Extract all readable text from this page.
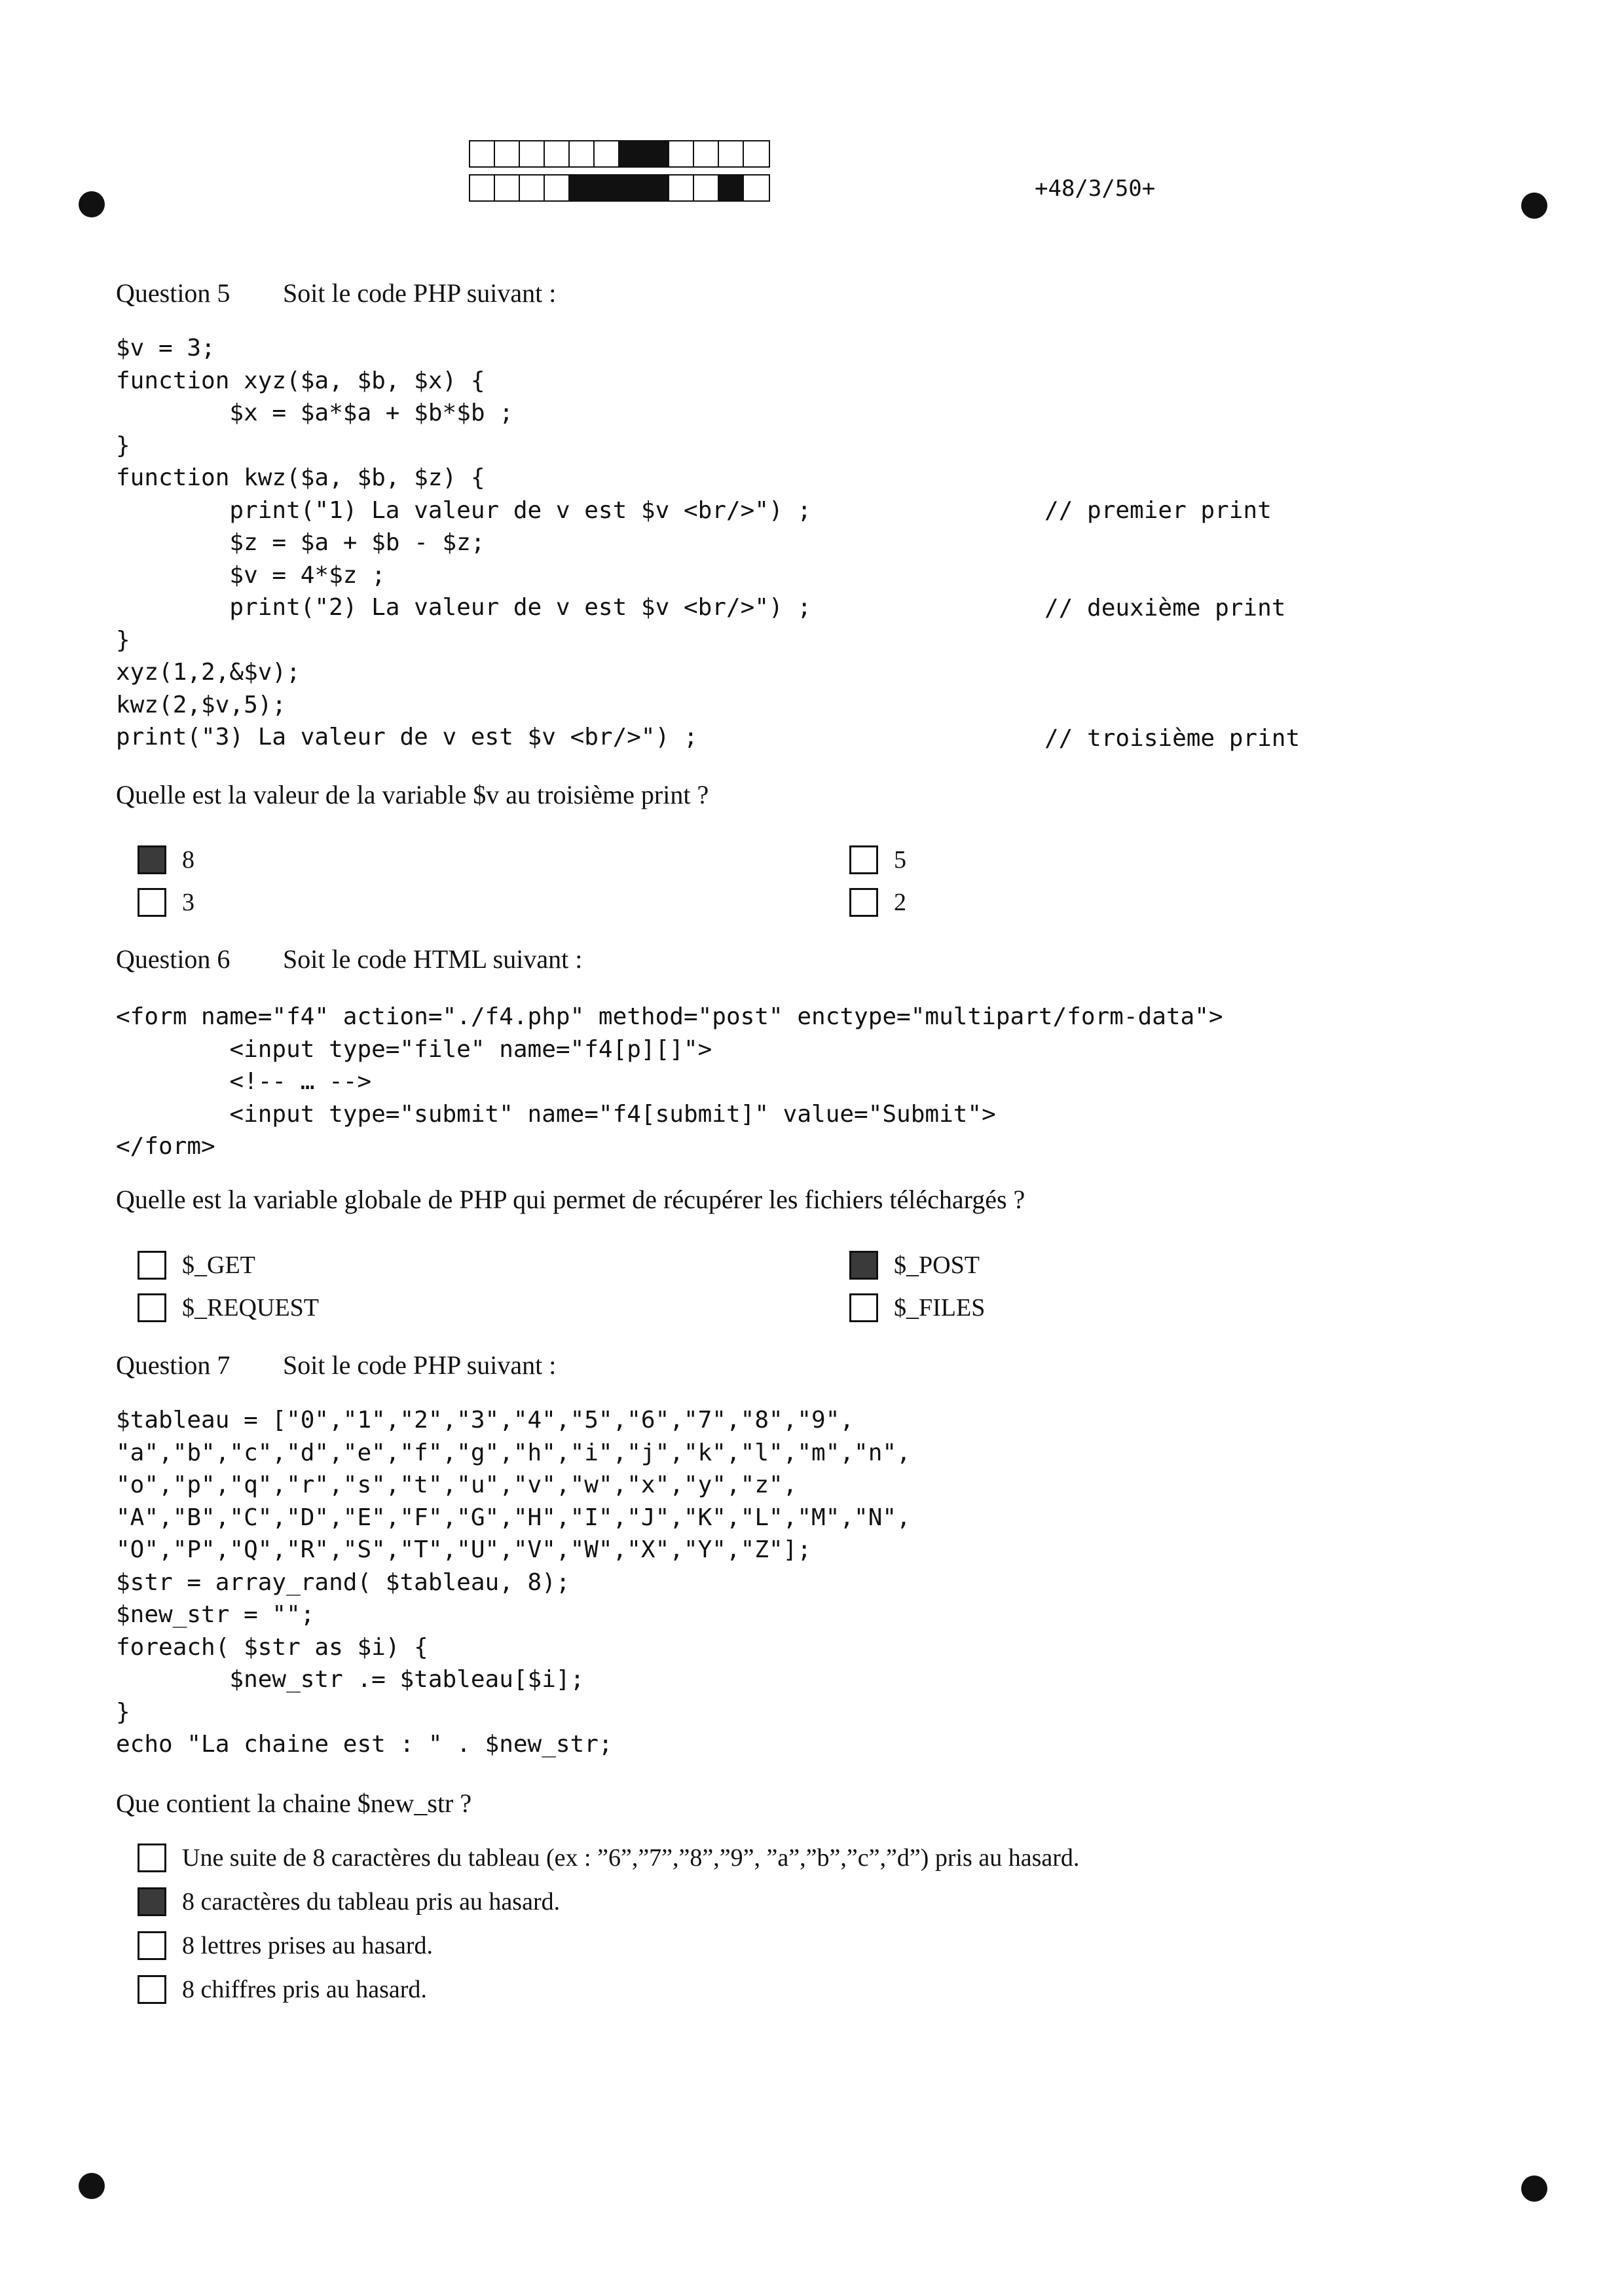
+48/3/50+
Question 5 Soit le code PHP suivant :
$v = 3;
function xyz($a, $b, $x) {
$x = $a*$a + $b*$b ;
}
function kwz($a, $b, $z) {
print("1) La valeur de v est $v <br/>") ;
$z = $a + $b - $z;
$v = 4*$z ;
print("2) La valeur de v est $v <br/>") ;
}
xyz(1,2,&$v);
kwz(2,$v,5);
print("3) La valeur de v est $v <br/>") ;
// premier print
// deuxième print
// troisième print
Quelle est la valeur de la variable $v au troisième print ?
8	5
3	2
Question 6 Soit le code HTML suivant :
<form name="f4" action="./f4.php" method="post" enctype="multipart/form-data">
<input type="file" name="f4[p][]">
<!-- … -->
<input type="submit" name="f4[submit]" value="Submit">
</form>
Quelle est la variable globale de PHP qui permet de récupérer les fichiers téléchargés ?
$_GET	$_POST
$_REQUEST	$_FILES
Question 7 Soit le code PHP suivant :
$tableau = ["0","1","2","3","4","5","6","7","8","9",
"a","b","c","d","e","f","g","h","i","j","k","l","m","n",
"o","p","q","r","s","t","u","v","w","x","y","z",
"A","B","C","D","E","F","G","H","I","J","K","L","M","N",
"O","P","Q","R","S","T","U","V","W","X","Y","Z"];
$str = array_rand( $tableau, 8);
$new_str = "";
foreach( $str as $i) {
$new_str .= $tableau[$i];
}
echo "La chaine est : " . $new_str;
Que contient la chaine $new_str ?
Une suite de 8 caractères du tableau (ex : ”6”,”7”,”8”,”9”, ”a”,”b”,”c”,”d”) pris au hasard.
8 caractères du tableau pris au hasard.
8 lettres prises au hasard.
8 chiffres pris au hasard.
